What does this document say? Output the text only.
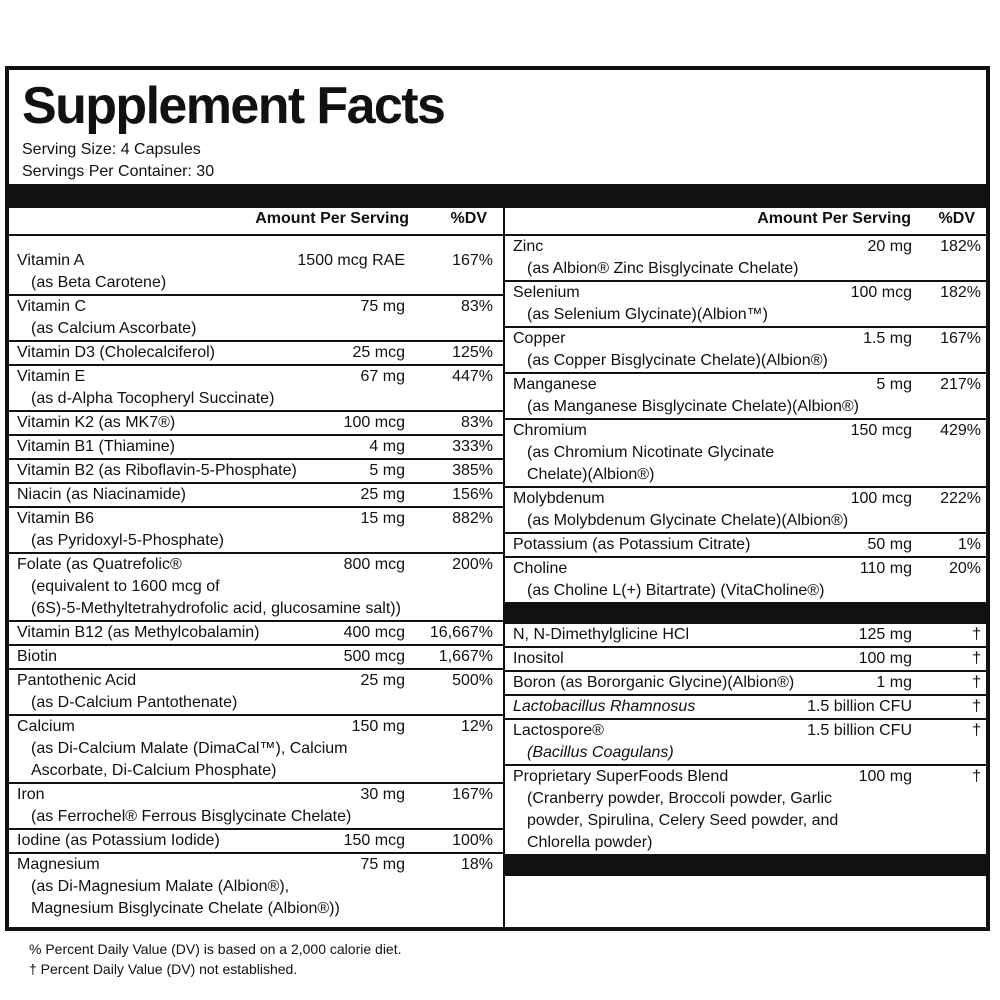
Supplement Facts
Serving Size: 4 Capsules
Servings Per Container: 30
Amount Per Serving	%DV
Vitamin A	1500 mcg RAE	167%
(as Beta Carotene)
Vitamin C	75 mg	83%
(as Calcium Ascorbate)
Vitamin D3 (Cholecalciferol)	25 mcg	125%
Vitamin E	67 mg	447%
(as d-Alpha Tocopheryl Succinate)
Vitamin K2 (as MK7®)	100 mcg	83%
Vitamin B1 (Thiamine)	4 mg	333%
Vitamin B2 (as Riboflavin-5-Phosphate)	5 mg	385%
Niacin (as Niacinamide)	25 mg	156%
Vitamin B6	15 mg	882%
(as Pyridoxyl-5-Phosphate)
Folate (as Quatrefolic®	800 mcg	200%
(equivalent to 1600 mcg of
(6S)-5-Methyltetrahydrofolic acid, glucosamine salt))
Vitamin B12 (as Methylcobalamin)	400 mcg 16,667%
Biotin	500 mcg 1,667%
Pantothenic Acid	25 mg	500%
(as D-Calcium Pantothenate)
Calcium	150 mg	12%
(as Di-Calcium Malate (DimaCal™), Calcium
Ascorbate, Di-Calcium Phosphate)
Iron	30 mg	167%
(as Ferrochel® Ferrous Bisglycinate Chelate)
Iodine (as Potassium Iodide)	150 mcg	100%
Magnesium	75 mg	18%
(as Di-Magnesium Malate (Albion®),
Magnesium Bisglycinate Chelate (Albion®))
Amount Per Serving %DV
Zinc	20 mg 182%
(as Albion® Zinc Bisglycinate Chelate)
Selenium	100 mcg 182%
(as Selenium Glycinate)(Albion™)
Copper	1.5 mg 167%
(as Copper Bisglycinate Chelate)(Albion®)
Manganese	5 mg 217%
(as Manganese Bisglycinate Chelate)(Albion®)
Chromium	150 mcg 429%
(as Chromium Nicotinate Glycinate
Chelate)(Albion®)
Molybdenum	100 mcg 222%
(as Molybdenum Glycinate Chelate)(Albion®)
Potassium (as Potassium Citrate)	50 mg	1%
Choline	110 mg 20%
(as Choline L(+) Bitartrate) (VitaCholine®)
N, N-Dimethylglicine HCl	125 mg	†
Inositol	100 mg	†
Boron (as Bororganic Glycine)(Albion®)	1 mg	†
Lactobacillus Rhamnosus	1.5 billion CFU	†
Lactospore®	1.5 billion CFU	†
(Bacillus Coagulans)
Proprietary SuperFoods Blend	100 mg	†
(Cranberry powder, Broccoli powder, Garlic
powder, Spirulina, Celery Seed powder, and
Chlorella powder)
% Percent Daily Value (DV) is based on a 2,000 calorie diet.
† Percent Daily Value (DV) not established.
